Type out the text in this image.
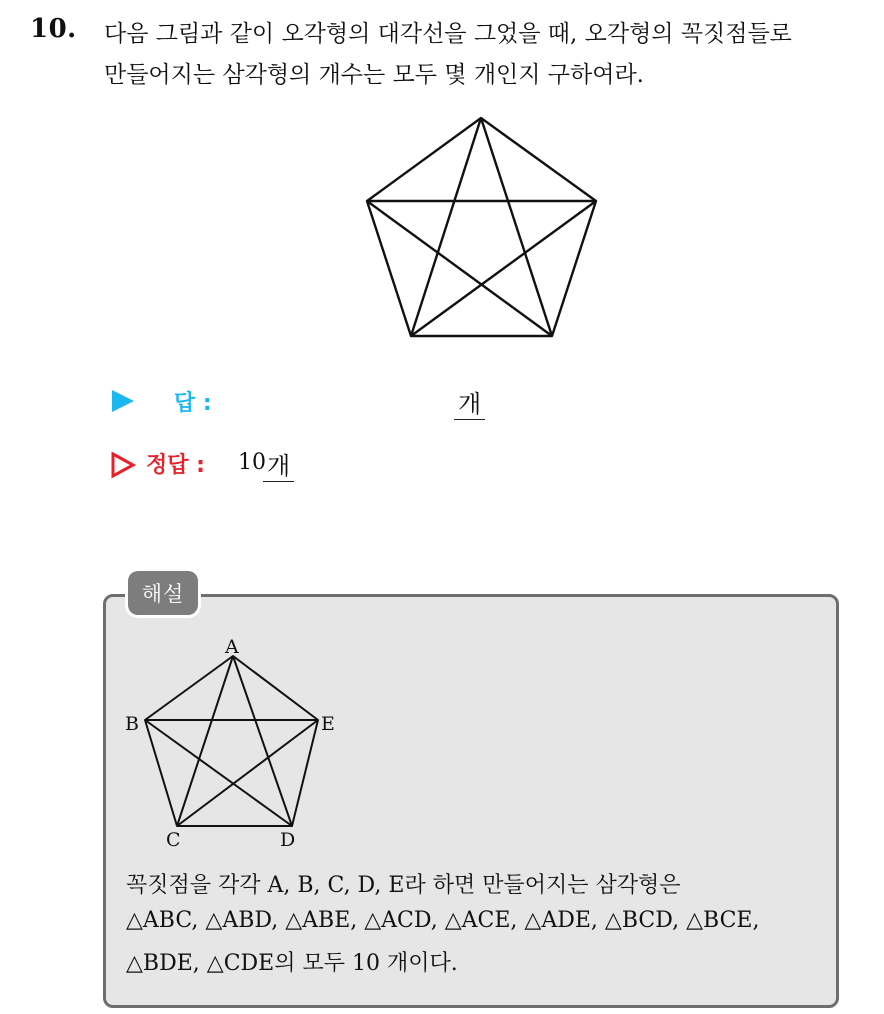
10. 다음 그림과 같이 오각형의 대각선을 그었을 때, 오각형의 꼭짓점들로
만들어지는 삼각형의 개수는 모두 몇 개인지 구하여라.
답 :	개
정답 : 10 개
해설
A
B	E
C	D
꼭짓점을 각각 A, B, C, D, E라 하면 만들어지는 삼각형은
△ABC, △ABD, △ABE, △ACD, △ACE, △ADE, △BCD, △BCE,
△BDE, △CDE의 모두 10 개이다.
